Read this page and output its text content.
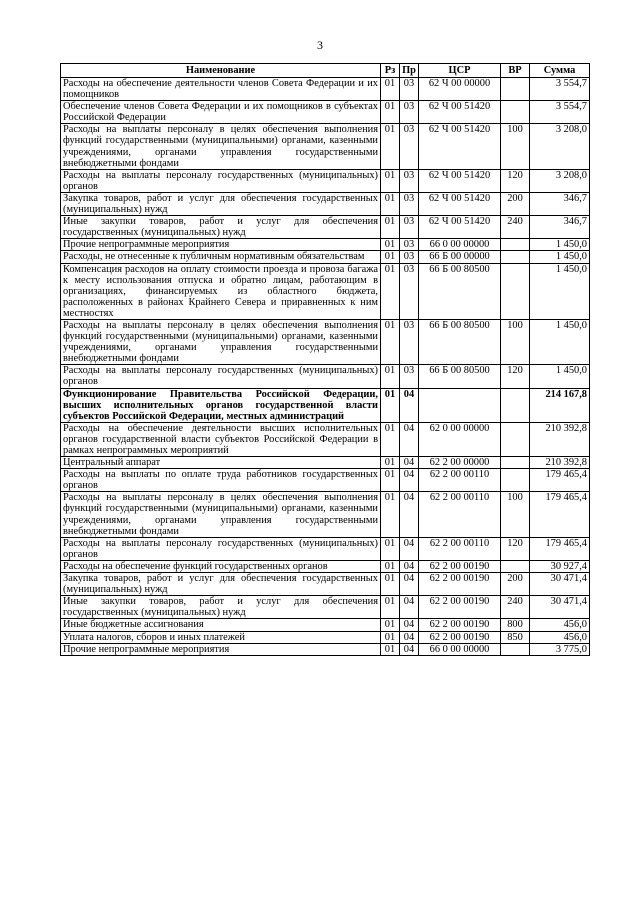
3
Наименование	Рз	Пр	ЦСР	ВР	Сумма
Расходы на обеспечение деятельности членов Совета Федерации и их помощников	01	03	62 Ч 00 00000		3 554,7
Обеспечение членов Совета Федерации и их помощников в субъектах Российской Федерации	01	03	62 Ч 00 51420		3 554,7
Расходы на выплаты персоналу в целях обеспечения выполнения функций государственными (муниципальными) органами, казенными учреждениями, органами управления государственными внебюджетными фондами	01	03	62 Ч 00 51420	100	3 208,0
Расходы на выплаты персоналу государственных (муниципальных) органов	01	03	62 Ч 00 51420	120	3 208,0
Закупка товаров, работ и услуг для обеспечения государственных (муниципальных) нужд	01	03	62 Ч 00 51420	200	346,7
Иные закупки товаров, работ и услуг для обеспечения государственных (муниципальных) нужд	01	03	62 Ч 00 51420	240	346,7
Прочие непрограммные мероприятия	01	03	66 0 00 00000		1 450,0
Расходы, не отнесенные к публичным нормативным обязательствам	01	03	66 Б 00 00000		1 450,0
Компенсация расходов на оплату стоимости проезда и провоза багажа к месту использования отпуска и обратно лицам, работающим в организациях, финансируемых из областного бюджета, расположенных в районах Крайнего Севера и приравненных к ним местностях	01	03	66 Б 00 80500		1 450,0
Расходы на выплаты персоналу в целях обеспечения выполнения функций государственными (муниципальными) органами, казенными учреждениями, органами управления государственными внебюджетными фондами	01	03	66 Б 00 80500	100	1 450,0
Расходы на выплаты персоналу государственных (муниципальных) органов	01	03	66 Б 00 80500	120	1 450,0
Функционирование Правительства Российской Федерации, высших исполнительных органов государственной власти субъектов Российской Федерации, местных администраций	01	04			214 167,8
Расходы на обеспечение деятельности высших исполнительных органов государственной власти субъектов Российской Федерации в рамках непрограммных мероприятий	01	04	62 0 00 00000		210 392,8
Центральный аппарат	01	04	62 2 00 00000		210 392,8
Расходы на выплаты по оплате труда работников государственных органов	01	04	62 2 00 00110		179 465,4
Расходы на выплаты персоналу в целях обеспечения выполнения функций государственными (муниципальными) органами, казенными учреждениями, органами управления государственными внебюджетными фондами	01	04	62 2 00 00110	100	179 465,4
Расходы на выплаты персоналу государственных (муниципальных) органов	01	04	62 2 00 00110	120	179 465,4
Расходы на обеспечение функций государственных органов	01	04	62 2 00 00190		30 927,4
Закупка товаров, работ и услуг для обеспечения государственных (муниципальных) нужд	01	04	62 2 00 00190	200	30 471,4
Иные закупки товаров, работ и услуг для обеспечения государственных (муниципальных) нужд	01	04	62 2 00 00190	240	30 471,4
Иные бюджетные ассигнования	01	04	62 2 00 00190	800	456,0
Уплата налогов, сборов и иных платежей	01	04	62 2 00 00190	850	456,0
Прочие непрограммные мероприятия	01	04	66 0 00 00000		3 775,0
